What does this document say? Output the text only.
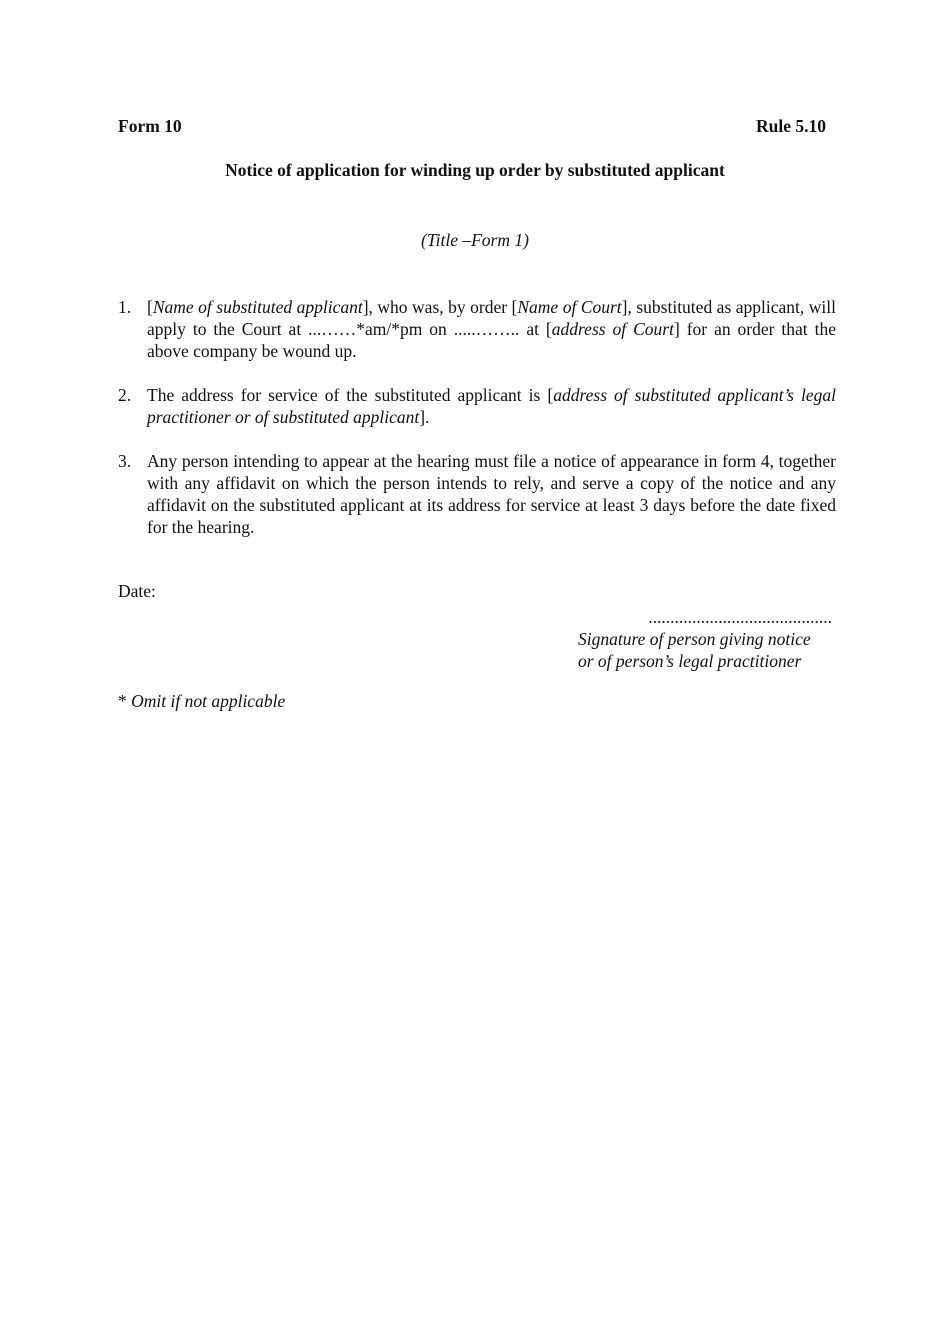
Form 10	Rule 5.10
Notice of application for winding up order by substituted applicant
(Title –Form 1)
1. [Name of substituted applicant], who was, by order [Name of Court], substituted as applicant, will apply to the Court at ...……*am/*pm on .....…….. at [address of Court] for an order that the above company be wound up.
2. The address for service of the substituted applicant is [address of substituted applicant’s legal practitioner or of substituted applicant].
3. Any person intending to appear at the hearing must file a notice of appearance in form 4, together with any affidavit on which the person intends to rely, and serve a copy of the notice and any affidavit on the substituted applicant at its address for service at least 3 days before the date fixed for the hearing.
Date:
..........................................
Signature of person giving notice
or of person’s legal practitioner
* Omit if not applicable
